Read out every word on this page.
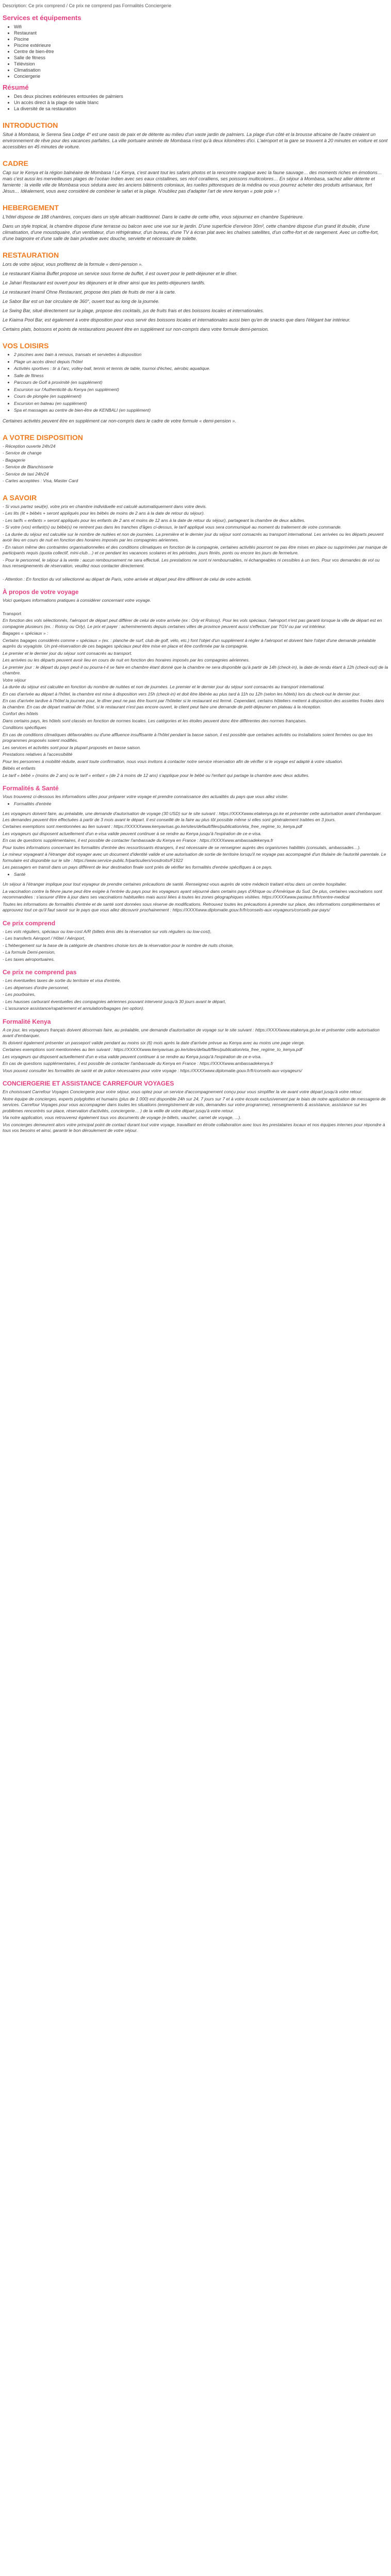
Description: Ce prix comprend / Ce prix ne comprend pas Formalités Conciergerie
Services et équipements
• Wifi
• Restaurant
• Piscine
• Piscine extérieure
• Centre de bien-être
• Salle de fitness
• Télévision
• Climatisation
• Conciergerie
Résumé
• Des deux piscines extérieures entourées de palmiers
• Un accès direct à la plage de sable blanc
• La diversité de sa restauration
INTRODUCTION
Situé à Mombasa, le Serena Sea Lodge 4* est une oasis de paix et de détente au milieu d'un vaste jardin de palmiers. La plage d'un côté et la brousse africaine de l'autre créaient un environnement de rêve pour des vacances parfaites. La ville portuaire animée de Mombasa n'est qu'à deux kilomètres d'ici. L'aéroport et la gare se trouvent à 20 minutes en voiture et sont accessibles en 45 minutes de voiture.
CADRE
Cap sur le Kenya et la région balnéaire de Mombasa ! Le Kenya, c'est avant tout les safaris photos et la rencontre magique avec la faune sauvage… des moments riches en émotions… mais c'est aussi les merveilleuses plages de l'océan Indien avec ses eaux cristallines, ses récif coralliens, ses poissons multicolores… En séjour à Mombasa, sachez allier détente et farniente : la vieille ville de Mombasa vous séduira avec les anciens bâtiments coloniaux, les ruelles pittoresques de la médina ou vous pourrez acheter des produits artisanaux, fort Jésus… Idéalement, vous avez considéré de combiner le safari et la plage. N'oubliez pas d'adapter l'art de vivre kenyan « pole pole » !
HEBERGEMENT
L'hôtel dispose de 188 chambres, conçues dans un style africain traditionnel. Dans le cadre de cette offre, vous séjournez en chambre Supérieure.
Dans un style tropical, la chambre dispose d'une terrasse ou balcon avec une vue sur le jardin. D'une superficie d'environ 30m², cette chambre dispose d'un grand lit double, d'une climatisation, d'une moustiquaire, d'un ventilateur, d'un réfrigérateur, d'un bureau, d'une TV à écran plat avec les chaînes satellites, d'un coffre-fort et de rangement. Avec un coffre-fort, d'une baignoire et d'une salle de bain privative avec douche, serviette et nécessaire de toilette.
RESTAURATION
Lors de votre séjour, vous profiterez de la formule « demi-pension ».
Le restaurant Kiaima Buffet propose un service sous forme de buffet, il est ouvert pour le petit-déjeuner et le dîner.
Le Jahari Restaurant est ouvert pour les déjeuners et le dîner ainsi que les petits-déjeuners tardifs.
Le restaurant Imamil Ohne Restaurant, propose des plats de fruits de mer à la carte.
Le Sabor Bar est un bar circulaire de 360°, ouvert tout au long de la journée.
Le Swing Bar, situé directement sur la plage, propose des cocktails, jus de fruits frais et des boissons locales et internationales.
Le Kiaima Pool Bar, est également à votre disposition pour vous servir des boissons locales et internationales aussi bien qu'en de snacks que dans l'élégant bar intérieur.
Certains plats, boissons et points de restaurations peuvent être en supplément sur non-compris dans votre formule demi-pension.
VOS LOISIRS
• 2 piscines avec bain à remous, transats et serviettes à disposition
• Plage un accès direct depuis l'hôtel
• Activités sportives : tir à l'arc, volley-ball, tennis et tennis de table, tournoi d'échec, aérobic aquatique.
• Salle de fitness
• Parcours de Golf à proximité (en supplément)
• Excursion sur l'Authenticité du Kenya (en supplément)
• Cours de plongée (en supplément)
• Excursion en bateau (en supplément)
• Spa et massages au centre de bien-être de KENBALI (en supplément)
Certaines activités peuvent être en supplément car non-compris dans le cadre de votre formule « demi-pension ».
A VOTRE DISPOSITION
- Réception ouverte 24h/24
- Service de change
- Bagagerie
- Service de Blanchisserie
- Service de taxi 24h/24
- Cartes acceptées : Visa, Master Card
A SAVOIR
- Si vous partez seul(e), votre prix en chambre individuelle est calculé automatiquement dans votre devis.
- Les lits (lit + bébés + seront appliqués pour les bébés de moins de 2 ans à la date de retour du séjour).
- Les tarifs « enfants » seront appliqués pour les enfants de 2 ans et moins de 12 ans à la date de retour du séjour), partageant la chambre de deux adultes.
- Si votre (vos) enfant(s) ou bébé(s) ne rentrent pas dans les tranches d'âges ci-dessus, le tarif appliqué vous sera communiqué au moment du traitement de votre commande.
- La durée du séjour est calculée sur le nombre de nuitées et non de journées. La première et le dernier jour du séjour sont consacrés au transport international. Les arrivées ou les départs peuvent avoir lieu en cours de nuit en fonction des horaires imposés par les compagnies aériennes.
- En raison même des contraintes organisationnelles et des conditions climatiques en fonction de la compagnie, certaines activités pourront ne pas être mises en place ou supprimées par manque de participants requis (quota collectif, mini-club…) et ce pendant les vacances scolaires et les périodes, jours fériés, ponts ou encore les jours de fermeture.
- Pour le personnel, le séjour à la vente : aucun remboursement ne sera effectué. Les prestations ne sont ni remboursables, ni échangeables ni cessibles à un tiers. Pour vos demandes de vol ou tous renseignements de réservation, veuillez nous contacter directement.
- Attention : En fonction du vol sélectionné au départ de Paris, votre arrivée et départ peut être différent de celui de votre activité.
À propos de votre voyage
Voici quelques informations pratiques à considérer concernant votre voyage.
Transport
En fonction des vols sélectionnés, l'aéroport de départ peut différer de celui de votre arrivée (ex : Orly et Roissy). Pour les vols spéciaux, l'aéroport n'est pas garanti lorsque la ville de départ est en compagnie plusieurs (ex. : Roissy ou Orly). Le prix et payer : acheminements depuis certaines villes de province peuvent aussi s'effectuer par TGV ou par vol intérieur.
Bagages « spéciaux » :
Certains bagages considérés comme « spéciaux » (ex. : planche de surf, club de golf, vélo, etc.) font l'objet d'un supplément à régler à l'aéroport et doivent faire l'objet d'une demande préalable auprès du voyagiste. Un pré-réservation de ces bagages spéciaux peut être mise en place et être confirmée par la compagnie.
Le premier et le dernier jour du séjour sont consacrés au transport.
Les arrivées ou les départs peuvent avoir lieu en cours de nuit en fonction des horaires imposés par les compagnies aériennes.
Le premier jour : le départ du pays peut-il ou pourra-t-il se faire en chambre étant donné que la chambre ne sera disponible qu'à partir de 14h (check-in), la date de rendu étant à 12h (check-out) de la chambre.
Votre séjour
La durée du séjour est calculée en fonction du nombre de nuitées et non de journées. Le premier et le dernier jour du séjour sont consacrés au transport international.
En cas d'arrivée au départ à l'hôtel, la chambre est mise à disposition vers 15h (check-in) et doit être libérée au plus tard à 11h ou 12h (selon les hôtels) lors du check-out le dernier jour.
En cas d'arrivée tardive à l'hôtel la journée pour, le dîner peut ne pas être fourni par l'hôtelier si le restaurant est fermé. Cependant, certains hôteliers mettent à disposition des assiettes froides dans la chambre. En cas de départ matinal de l'hôtel, si le restaurant n'est pas encore ouvert, le client peut faire une demande de petit-déjeuner en plateau à la réception.
Confort des hôtels
Dans certains pays, les hôtels sont classés en fonction de normes locales. Les catégories et les étoiles peuvent donc être différentes des normes françaises.
Conditions spécifiques
En cas de conditions climatiques défavorables ou d'une affluence insuffisante à l'hôtel pendant la basse saison, il est possible que certaines activités ou installations soient fermées ou que les programmes proposés soient modifiés.
Les services et activités sont pour la plupart proposés en basse saison.
Prestations relatives à l'accessibilité
Pour les personnes à mobilité réduite, avant toute confirmation, nous vous invitons à contacter notre service réservation afin de vérifier si le voyage est adapté à votre situation.
Bébés et enfants
Le tarif « bébé » (moins de 2 ans) ou le tarif « enfant » (de 2 à moins de 12 ans) s'applique pour le bébé ou l'enfant qui partage la chambre avec deux adultes.
Formalités & Santé
Vous trouverez ci-dessous les informations utiles pour préparer votre voyage et prendre connaissance des actualités du pays que vous allez visiter.
• Formalités d'entrée
Les voyageurs doivent faire, au préalable, une demande d'autorisation de voyage (30 USD) sur le site suivant : https://XXXXwww.etakenya.go.ke et présenter cette autorisation avant d'embarquer. Les demandes peuvent être effectuées à partir de 3 mois avant le départ. Il est conseillé de la faire au plus tôt possible même si elles sont généralement traitées en 3 jours.
Certaines exemptions sont mentionnées au lien suivant : https://XXXXXwww.kenyavisas.go.ke/sites/default/files/publication/eta_free_regime_to_kenya.pdf
Les voyageurs qui disposent actuellement d'un e-visa valide peuvent continuer à se rendre au Kenya jusqu'à l'expiration de ce e-visa.
En cas de questions supplémentaires, il est possible de contacter l'ambassade du Kenya en France : https://XXXXwww.ambassadekenya.fr
Pour toutes informations concernant les formalités d'entrée des ressortissants étrangers, il est nécessaire de se renseigner auprès des organismes habilités (consulats, ambassades…).
Le mineur voyageant à l'étranger doit voyager avec un document d'identité valide et une autorisation de sortie de territoire lorsqu'il ne voyage pas accompagné d'un titulaire de l'autorité parentale. Le formulaire est disponible sur le site : https://www.service-public.fr/particuliers/vosdroits/F1922
Les passagers en transit dans un pays différent de leur destination finale sont priés de vérifier les formalités d'entrée spécifiques à ce pays.
• Santé
Un séjour à l'étranger implique pour tout voyageur de prendre certaines précautions de santé. Renseignez-vous auprès de votre médecin traitant et/ou dans un centre hospitalier.
La vaccination contre la fièvre jaune peut être exigée à l'entrée du pays pour les voyageurs ayant séjourné dans certains pays d'Afrique ou d'Amérique du Sud. De plus, certaines vaccinations sont recommandées : s'assurer d'être à jour dans ses vaccinations habituelles mais aussi liées à toutes les zones géographiques visitées. https://XXXXwww.pasteur.fr/fr/centre-medical
Toutes les informations de formalités d'entrée et de santé sont données sous réserve de modifications. Retrouvez toutes les précautions à prendre sur place, des informations complémentaires et approuvez tout ce qu'il faut savoir sur le pays que vous allez découvrir prochainement : https://XXXXwww.diplomatie.gouv.fr/fr/conseils-aux-voyageurs/conseils-par-pays/
Ce prix comprend
- Les vols réguliers, spéciaux ou low-cost A/R (billets émis dès la réservation sur vols réguliers ou low-cost),
- Les transferts Aéroport / Hôtel / Aéroport,
- L'hébergement sur la base de la catégorie de chambres choisie lors de la réservation pour le nombre de nuits choisie,
- La formule Demi-pension,
- Les taxes aéroportuaires.
Ce prix ne comprend pas
- Les éventuelles taxes de sortie du territoire et visa d'entrée,
- Les dépenses d'ordre personnel,
- Les pourboires,
- Les hausses carburant éventuelles des compagnies aériennes pouvant intervenir jusqu'à 30 jours avant le départ,
- L'assurance assistance/rapatriement et annulation/bagages (en option).
Formalité Kenya
A ce jour, les voyageurs français doivent désormais faire, au préalable, une demande d'autorisation de voyage sur le site suivant : https://XXXXwww.etakenya.go.ke et présenter cette autorisation avant d'embarquer.
Ils doivent également présenter un passeport valide pendant au moins six (6) mois après la date d'arrivée prévue au Kenya avec au moins une page vierge.
Certaines exemptions sont mentionnées au lien suivant : https://XXXXXwww.kenyavisas.go.ke/sites/default/files/publication/eta_free_regime_to_kenya.pdf
Les voyageurs qui disposent actuellement d'un e-visa valide peuvent continuer à se rendre au Kenya jusqu'à l'expiration de ce e-visa.
En cas de questions supplémentaires, il est possible de contacter l'ambassade du Kenya en France : https://XXXXwww.ambassadekenya.fr
Vous pouvez consulter les formalités de santé et de police nécessaires pour votre voyage : https://XXXXwww.diplomatie.gouv.fr/fr/conseils-aux-voyageurs/
CONCIERGERIE ET ASSISTANCE CARREFOUR VOYAGES
En choisissant Carrefour Voyages Conciergerie pour votre séjour, vous optez pour un service d'accompagnement conçu pour vous simplifier la vie avant votre départ jusqu'à votre retour.
Notre équipe de concierges, experts polyglottes et humains (plus de 1 000) est disponible 24h sur 24, 7 jours sur 7 et à votre écoute exclusivement par le biais de notre application de messagerie de services. Carrefour Voyages pour vous accompagner dans toutes les situations (enregistrement de vols, demandes sur votre programme), renseignements & assistance, assistance sur les problèmes rencontrés sur place, réservation d'activités, conciergerie… ) de la veille de votre départ jusqu'à votre retour.
Via notre application, vous retrouverez également tous vos documents de voyage (e-billets, vaucher, carnet de voyage, ...).
Vos concierges demeurent alors votre principal point de contact durant tout votre voyage, travaillant en étroite collaboration avec tous les prestataires locaux et nos équipes internes pour répondre à tous vos besoins et ainsi, garantir le bon déroulement de votre séjour.
